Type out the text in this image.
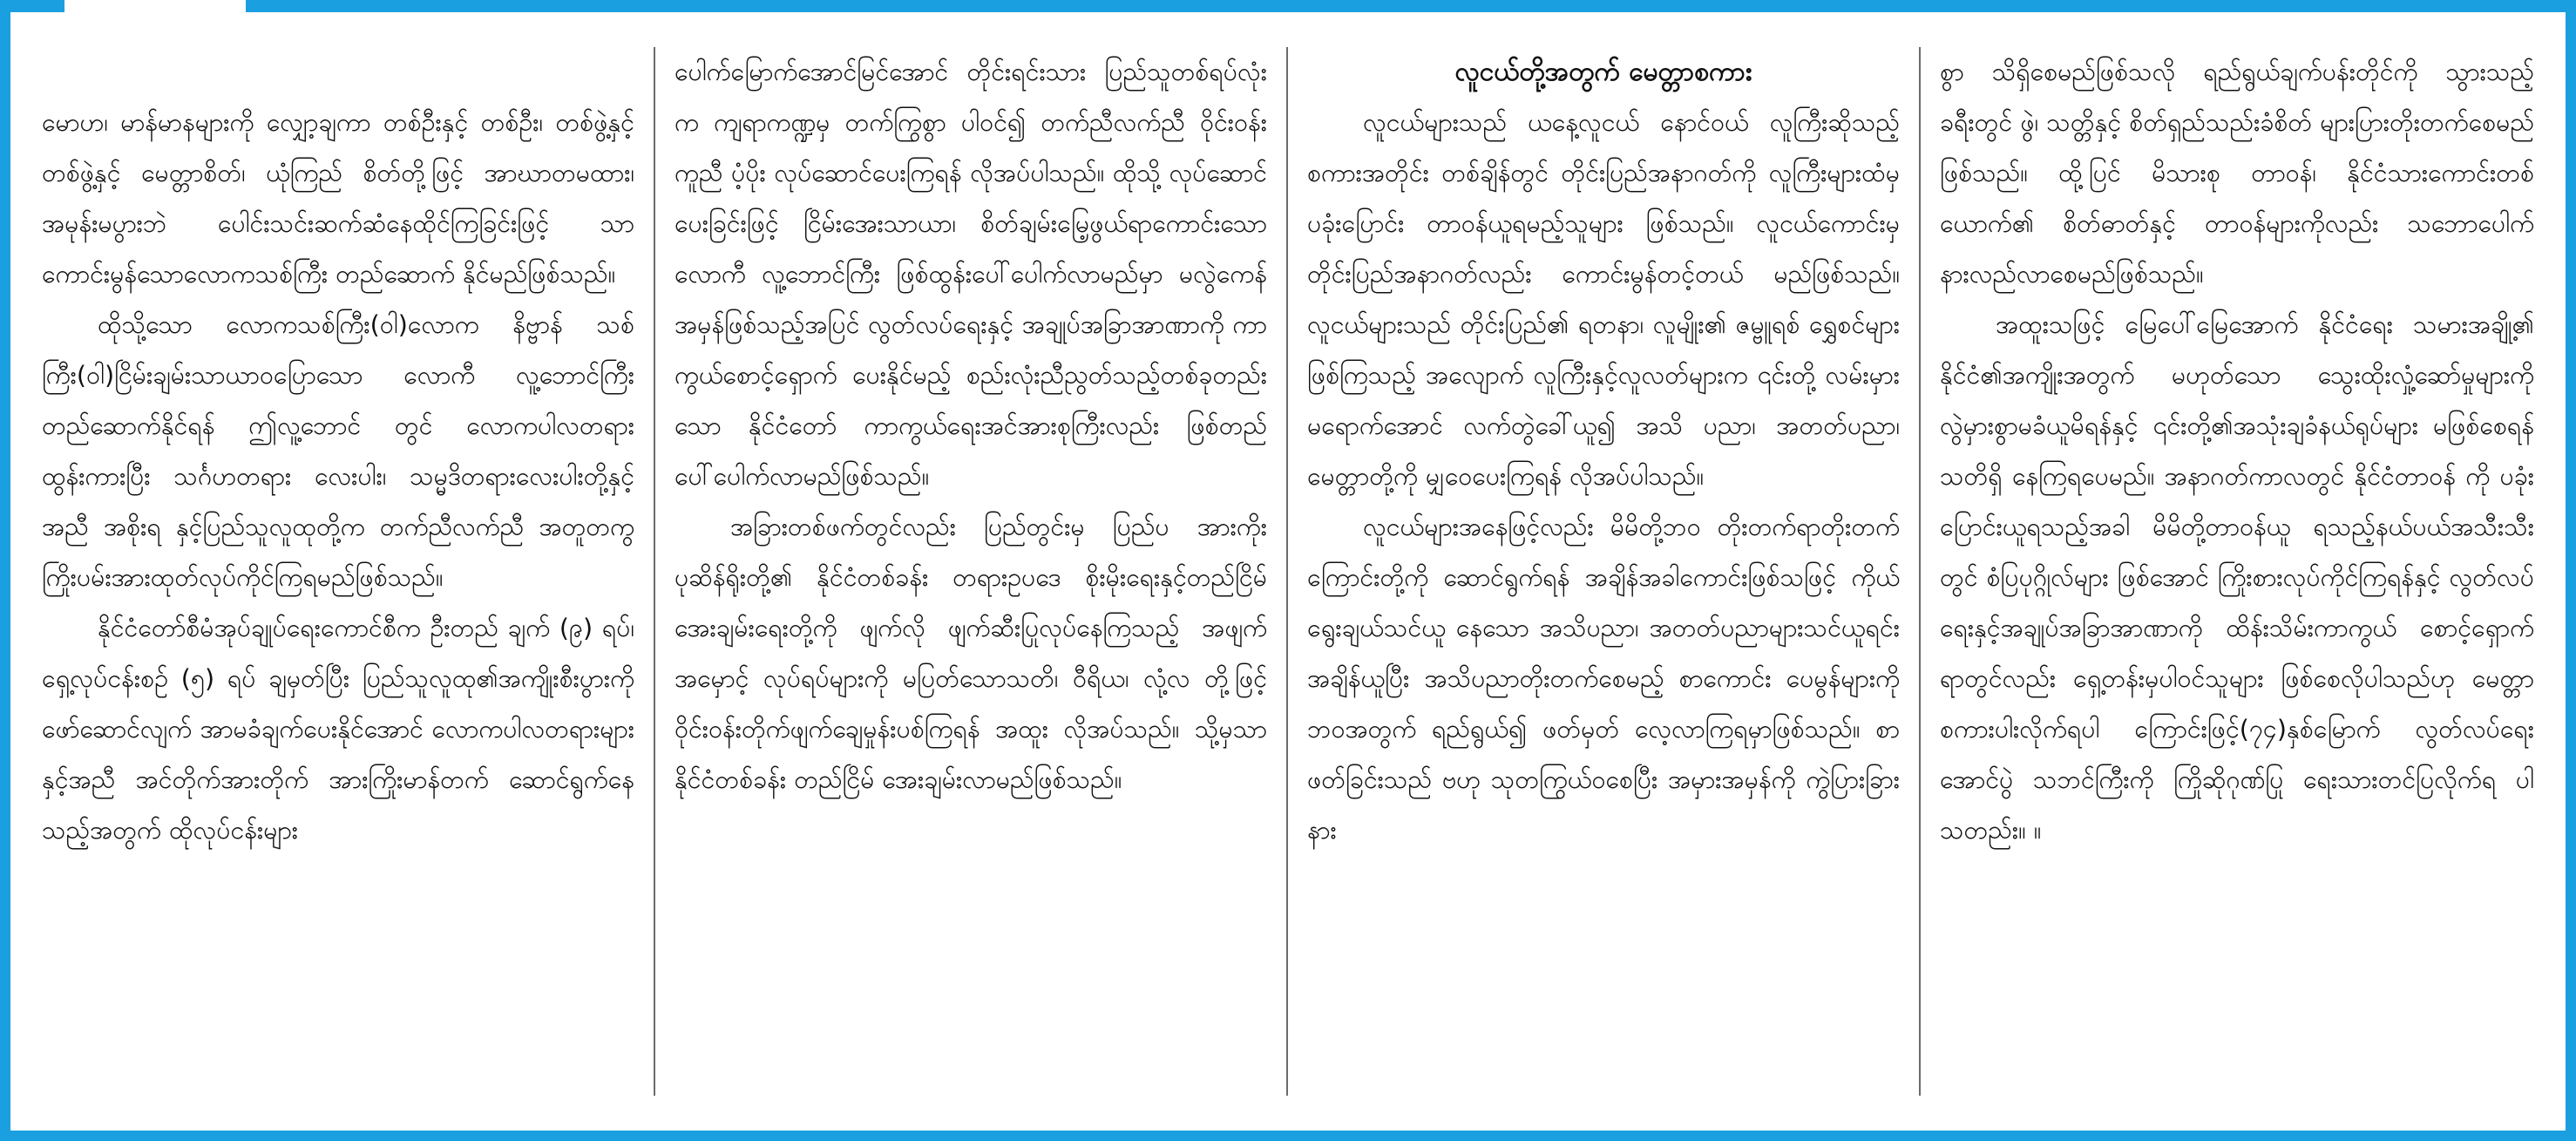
မောဟ၊ မာန်မာနများကို လျှော့ချကာ တစ်ဦးနှင့် တစ်ဦး၊ တစ်ဖွဲ့နှင့်တစ်ဖွဲ့နှင့် မေတ္တာစိတ်၊ ယုံကြည် စိတ်တို့ဖြင့် အာဃာတမထား၊ အမုန်းမပွားဘဲ ပေါင်းသင်းဆက်ဆံနေထိုင်ကြခြင်းဖြင့် သာ ကောင်းမွန်သောလောကသစ်ကြီး တည်ဆောက် နိုင်မည်ဖြစ်သည်။

ထိုသို့သော လောကသစ်ကြီး(ဝါ)လောက နိဗ္ဗာန် သစ်ကြီး(ဝါ)ငြိမ်းချမ်းသာယာဝပြောသော လောကီ လူ့ဘောင်ကြီး တည်ဆောက်နိုင်ရန် ဤလူ့ဘောင် တွင် လောကပါလတရားထွန်းကားပြီး သင်္ဂဟတရား လေးပါး၊ သမ္မဒိတရားလေးပါးတို့နှင့်အညီ အစိုးရ နှင့်ပြည်သူလူထုတို့က တက်ညီလက်ညီ အတူတကွ ကြိုးပမ်းအားထုတ်လုပ်ကိုင်ကြရမည်ဖြစ်သည်။

နိုင်ငံတော်စီမံအုပ်ချုပ်ရေးကောင်စီက ဦးတည် ချက် (၉) ရပ်၊ ရှေ့လုပ်ငန်းစဉ် (၅) ရပ် ချမှတ်ပြီး ပြည်သူလူထု၏အကျိုးစီးပွားကို ဖော်ဆောင်လျက် အာမခံချက်ပေးနိုင်အောင် လောကပါလတရားများ နှင့်အညီ အင်တိုက်အားတိုက် အားကြိုးမာန်တက် ဆောင်ရွက်နေသည့်အတွက် ထိုလုပ်ငန်းများ

ပေါက်မြောက်အောင်မြင်အောင် တိုင်းရင်းသား ပြည်သူတစ်ရပ်လုံးက ကျရာကဏ္ဍမှ တက်ကြွစွာ ပါဝင်၍ တက်ညီလက်ညီ ဝိုင်းဝန်းကူညီ ပံ့ပိုး လုပ်ဆောင်ပေးကြရန် လိုအပ်ပါသည်။ ထိုသို့ လုပ်ဆောင်ပေးခြင်းဖြင့် ငြိမ်းအေးသာယာ၊ စိတ်ချမ်းမြေ့ဖွယ်ရာကောင်းသော လောကီ လူ့ဘောင်ကြီး ဖြစ်ထွန်းပေါ်ပေါက်လာမည်မှာ မလွဲကေန် အမှန်ဖြစ်သည့်အပြင် လွတ်လပ်ရေးနှင့် အချုပ်အခြာအာဏာကို ကာကွယ်စောင့်ရှောက် ပေးနိုင်မည့် စည်းလုံးညီညွတ်သည့်တစ်ခုတည်းသော နိုင်ငံတော် ကာကွယ်ရေးအင်အားစုကြီးလည်း ဖြစ်တည်ပေါ်ပေါက်လာမည်ဖြစ်သည်။

အခြားတစ်ဖက်တွင်လည်း ပြည်တွင်းမှ ပြည်ပ အားကိုး ပုဆိန်ရိုးတို့၏ နိုင်ငံတစ်ခန်း တရားဥပဒေ စိုးမိုးရေးနှင့်တည်ငြိမ်အေးချမ်းရေးတို့ကို ဖျက်လို ဖျက်ဆီးပြုလုပ်နေကြသည့် အဖျက်အမှောင့် လုပ်ရပ်များကို မပြတ်သောသတိ၊ ဝီရိယ၊ လုံ့လ တို့ဖြင့် ဝိုင်းဝန်းတိုက်ဖျက်ချေမှုန်းပစ်ကြရန် အထူး လိုအပ်သည်။ သို့မှသာ နိုင်ငံတစ်ခန်း တည်ငြိမ် အေးချမ်းလာမည်ဖြစ်သည်။

လူငယ်တို့အတွက် မေတ္တာစကား

လူငယ်များသည် ယနေ့လူငယ် နောင်ဝယ် လူကြီးဆိုသည့် စကားအတိုင်း တစ်ချိန်တွင် တိုင်းပြည်အနာဂတ်ကို လူကြီးများထံမှ ပခုံးပြောင်း တာဝန်ယူရမည့်သူများ ဖြစ်သည်။ လူငယ်ကောင်းမှ တိုင်းပြည်အနာဂတ်လည်း ကောင်းမွန်တင့်တယ် မည်ဖြစ်သည်။ လူငယ်များသည် တိုင်းပြည်၏ ရတနာ၊ လူမျိုး၏ ဇမ္ဗူရစ် ရွှေစင်များဖြစ်ကြသည့် အလျောက် လူကြီးနှင့်လူလတ်များက ၎င်းတို့ လမ်းမှားမရောက်အောင် လက်တွဲခေါ်ယူ၍ အသိ ပညာ၊ အတတ်ပညာ၊ မေတ္တာတို့ကို မျှဝေပေးကြရန် လိုအပ်ပါသည်။

လူငယ်များအနေဖြင့်လည်း မိမိတို့ဘဝ တိုးတက်ရာတိုးတက်ကြောင်းတို့ကို ဆောင်ရွက်ရန် အချိန်အခါကောင်းဖြစ်သဖြင့် ကိုယ်ရွေးချယ်သင်ယူ နေသော အသိပညာ၊ အတတ်ပညာများသင်ယူရင်း အချိန်ယူပြီး အသိပညာတိုးတက်စေမည့် စာကောင်း ပေမွန်များကို ဘဝအတွက် ရည်ရွယ်၍ ဖတ်မှတ် လေ့လာကြရမှာဖြစ်သည်။ စာဖတ်ခြင်းသည် ဗဟု သုတကြွယ်ဝစေပြီး အမှားအမှန်ကို ကွဲပြားခြားနား

စွာ သိရှိစေမည်ဖြစ်သလို ရည်ရွယ်ချက်ပန်းတိုင်ကို သွားသည့်ခရီးတွင် ဖွဲ၊ သတ္တိနှင့် စိတ်ရှည်သည်းခံစိတ် များပြားတိုးတက်စေမည် ဖြစ်သည်။ ထို့ပြင် မိသားစု တာဝန်၊ နိုင်ငံသားကောင်းတစ်ယောက်၏ စိတ်ဓာတ်နှင့် တာဝန်များကိုလည်း သဘောပေါက် နားလည်လာစေမည်ဖြစ်သည်။

အထူးသဖြင့် မြေပေါ်မြေအောက် နိုင်ငံရေး သမားအချို့၏ နိုင်ငံ၏အကျိုးအတွက် မဟုတ်သော သွေးထိုးလှုံ့ဆော်မှုများကို လွဲမှားစွာမခံယူမိရန်နှင့် ၎င်းတို့၏အသုံးချခံနယ်ရုပ်များ မဖြစ်စေရန် သတိရှိ နေကြရပေမည်။ အနာဂတ်ကာလတွင် နိုင်ငံတာဝန် ကို ပခုံးပြောင်းယူရသည့်အခါ မိမိတို့တာဝန်ယူ ရသည့်နယ်ပယ်အသီးသီးတွင် စံပြပုဂ္ဂိုလ်များ ဖြစ်အောင် ကြိုးစားလုပ်ကိုင်ကြရန်နှင့် လွတ်လပ် ရေးနှင့်အချုပ်အခြာအာဏာကို ထိန်းသိမ်းကာကွယ် စောင့်ရှောက်ရာတွင်လည်း ရှေ့တန်းမှပါဝင်သူများ ဖြစ်စေလိုပါသည်ဟု မေတ္တာစကားပါးလိုက်ရပါ ကြောင်းဖြင့်(၇၄)နှစ်မြောက် လွတ်လပ်ရေးအောင်ပွဲ သဘင်ကြီးကို ကြိုဆိုဂုဏ်ပြု ရေးသားတင်ပြလိုက်ရ ပါသတည်း။ ။
